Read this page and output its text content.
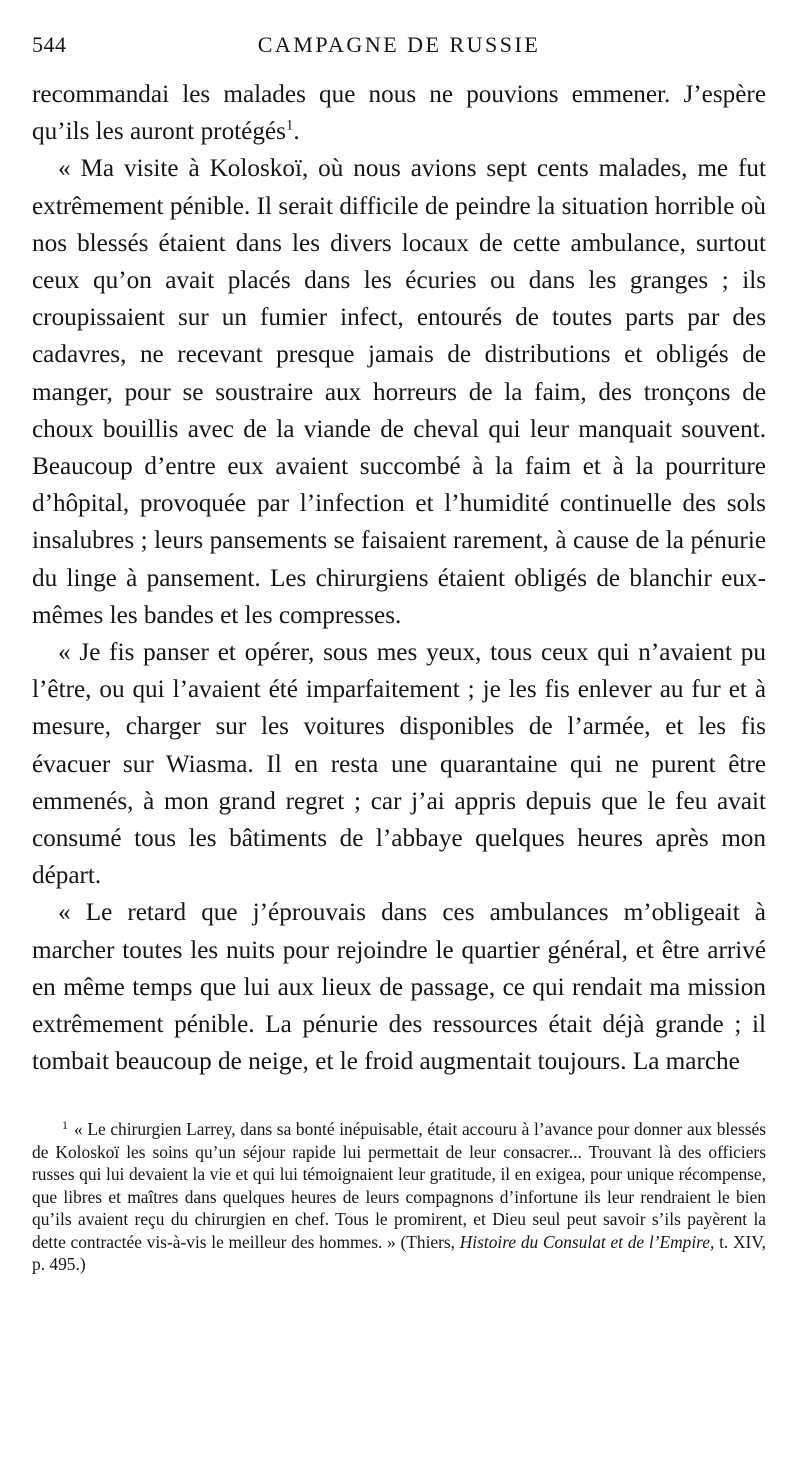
544	CAMPAGNE DE RUSSIE

recommandai les malades que nous ne pouvions emmener. J’espère qu’ils les auront protégés$^1$.

« Ma visite à Koloskoï, où nous avions sept cents malades, me fut extrêmement pénible. Il serait difficile de peindre la situation horrible où nos blessés étaient dans les divers locaux de cette ambulance, surtout ceux qu’on avait placés dans les écuries ou dans les granges ; ils croupissaient sur un fumier infect, entourés de toutes parts par des cadavres, ne recevant presque jamais de distributions et obligés de manger, pour se soustraire aux horreurs de la faim, des tronçons de choux bouillis avec de la viande de cheval qui leur manquait souvent. Beaucoup d’entre eux avaient succombé à la faim et à la pourriture d’hôpital, provoquée par l’infection et l’humidité continuelle des sols insalubres ; leurs pansements se faisaient rarement, à cause de la pénurie du linge à pansement. Les chirurgiens étaient obligés de blanchir eux-mêmes les bandes et les compresses.

« Je fis panser et opérer, sous mes yeux, tous ceux qui n’avaient pu l’être, ou qui l’avaient été imparfaitement ; je les fis enlever au fur et à mesure, charger sur les voitures disponibles de l’armée, et les fis évacuer sur Wiasma. Il en resta une quarantaine qui ne purent être emmenés, à mon grand regret ; car j’ai appris depuis que le feu avait consumé tous les bâtiments de l’abbaye quelques heures après mon départ.

« Le retard que j’éprouvais dans ces ambulances m’obligeait à marcher toutes les nuits pour rejoindre le quartier général, et être arrivé en même temps que lui aux lieux de passage, ce qui rendait ma mission extrêmement pénible. La pénurie des ressources était déjà grande ; il tombait beaucoup de neige, et le froid augmentait toujours. La marche

$^1$ « Le chirurgien Larrey, dans sa bonté inépuisable, était accouru à l’avance pour donner aux blessés de Koloskoï les soins qu’un séjour rapide lui permettait de leur consacrer... Trouvant là des officiers russes qui lui devaient la vie et qui lui témoignaient leur gratitude, il en exigea, pour unique récompense, que libres et maîtres dans quelques heures de leurs compagnons d’infortune ils leur rendraient le bien qu’ils avaient reçu du chirurgien en chef. Tous le promirent, et Dieu seul peut savoir s’ils payèrent la dette contractée vis-à-vis le meilleur des hommes. » (Thiers, Histoire du Consulat et de l’Empire, t. XIV, p. 495.)
